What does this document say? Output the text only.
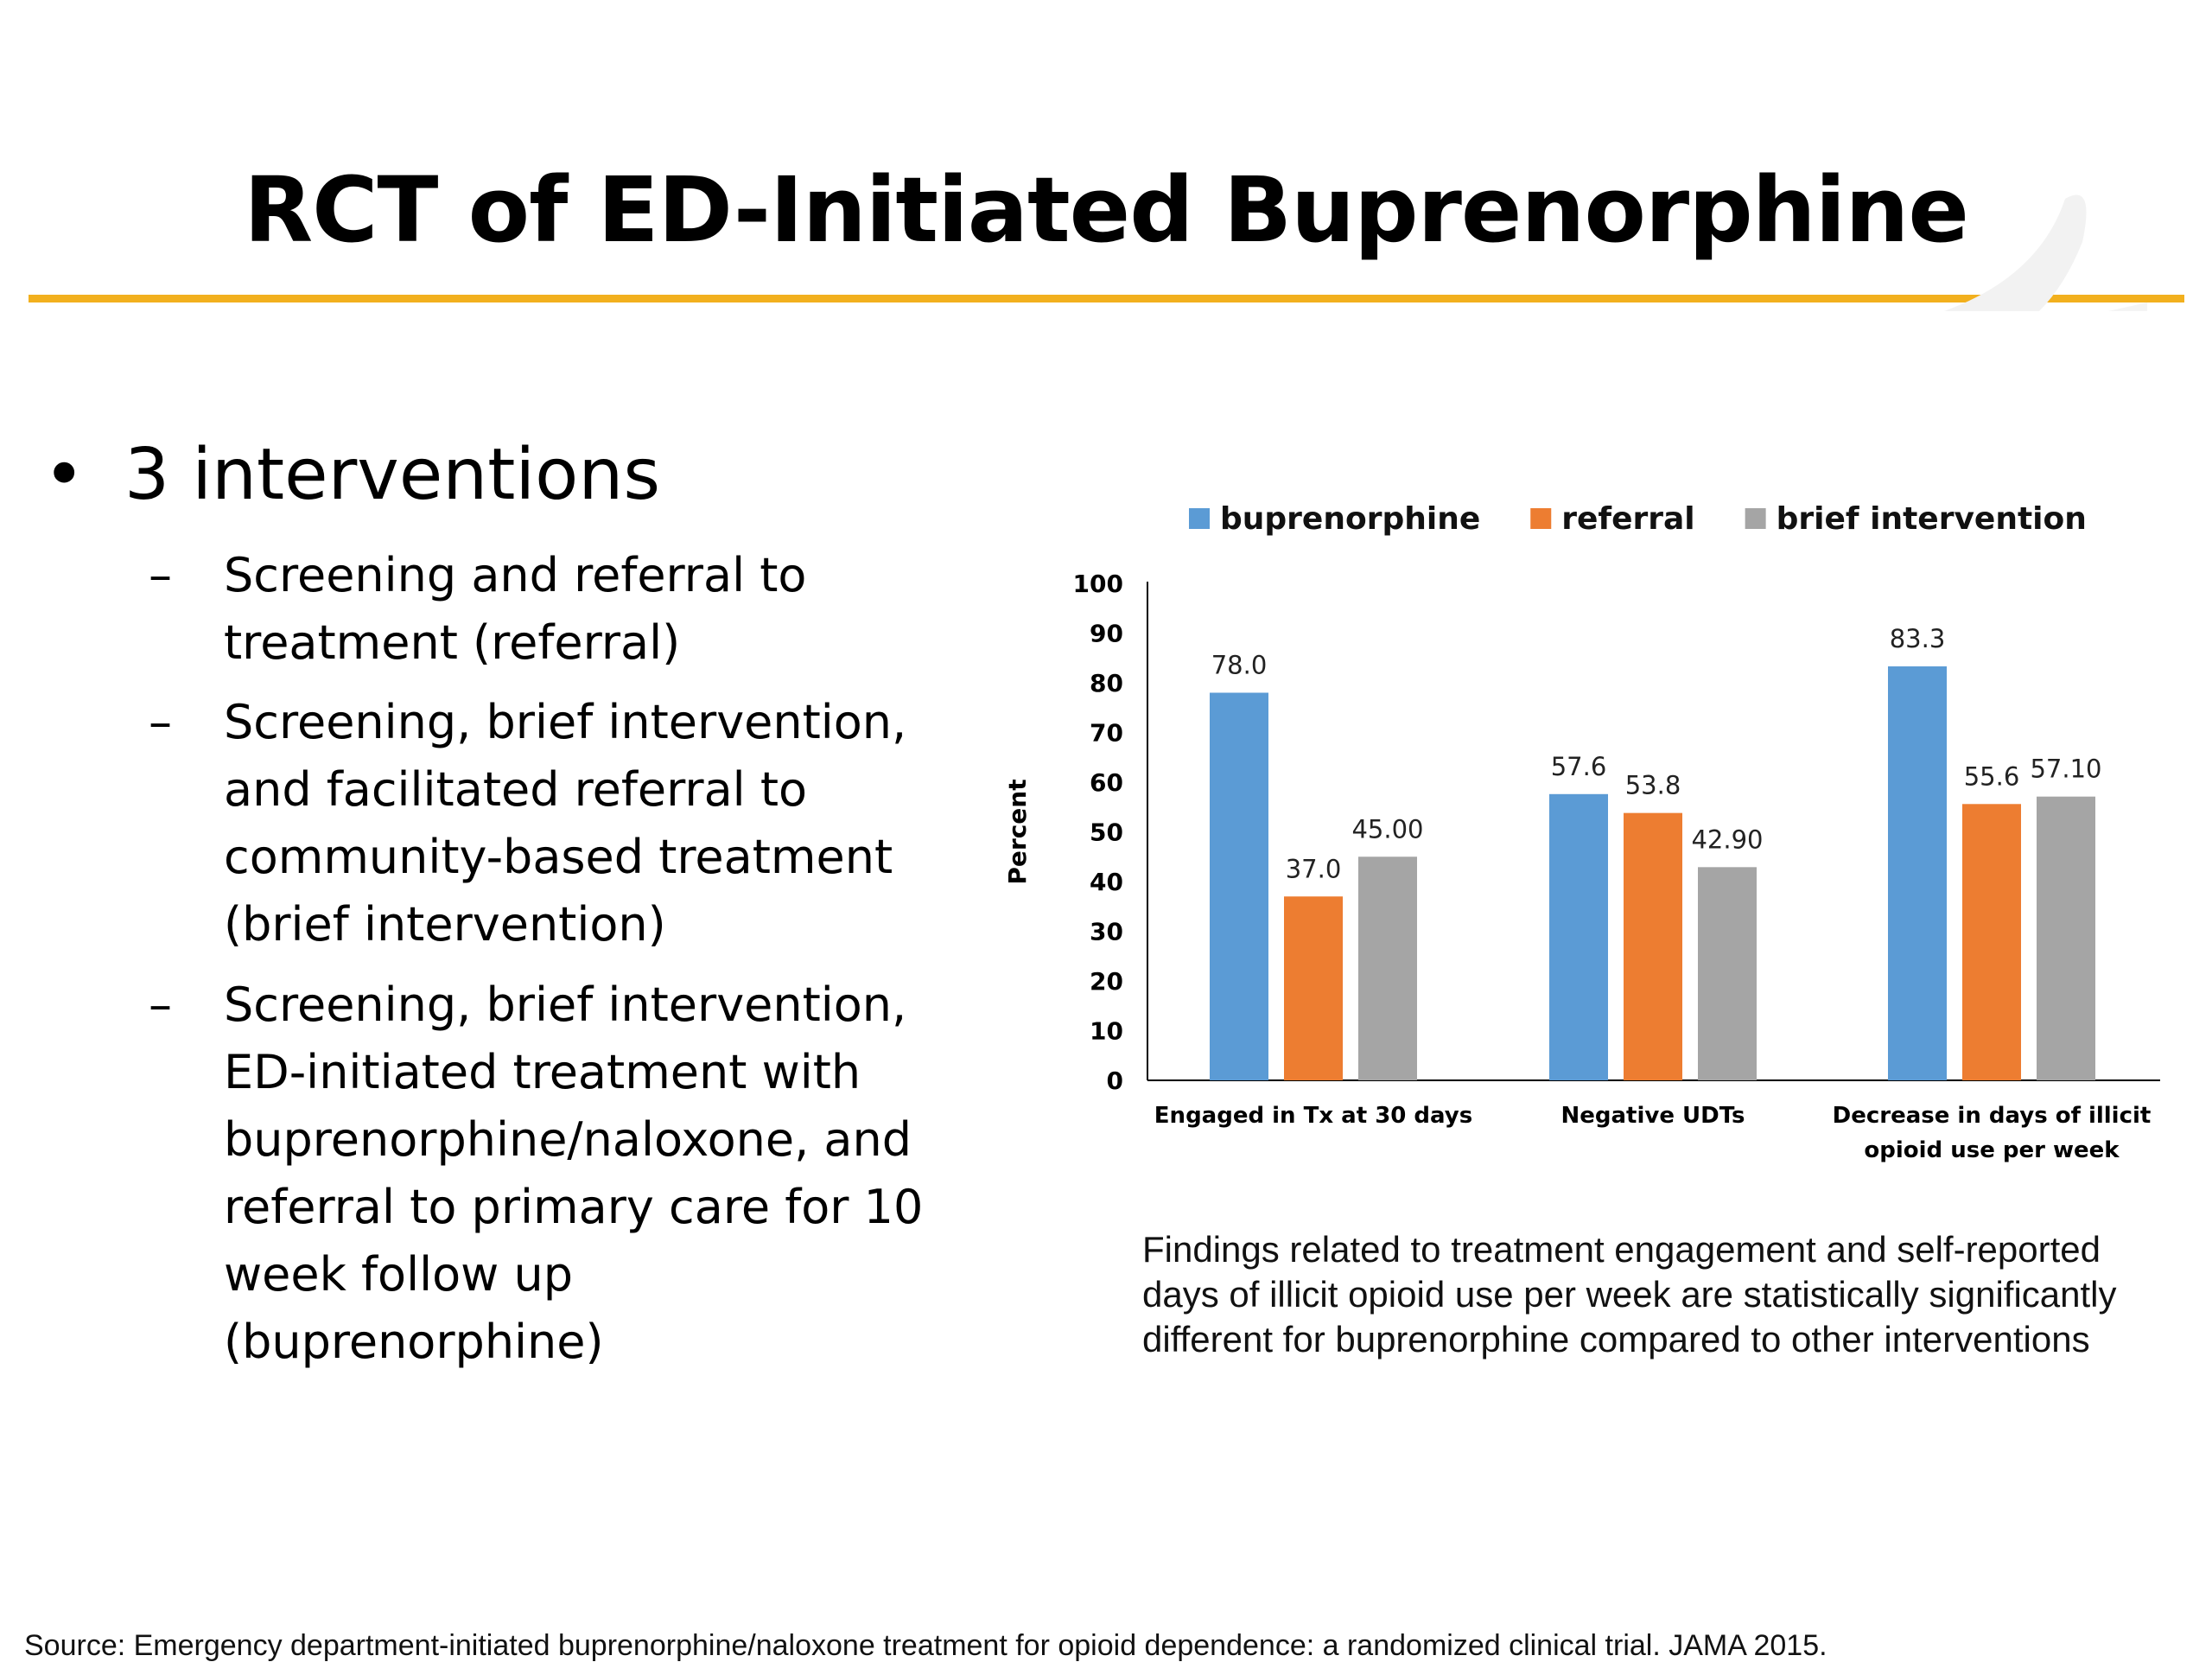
RCT of ED-Initiated Buprenorphine
• 3 interventions
– Screening and referral to
treatment (referral)
– Screening, brief intervention,
and facilitated referral to
community-based treatment
(brief intervention)
– Screening, brief intervention,
ED-initiated treatment with
buprenorphine/naloxone, and
referral to primary care for 10
week follow up
(buprenorphine)
0
10
20
30
40
50
60
70
80
90
100
Percent
78.0
57.6
83.3
37.0
53.8	55.6
45.00	42.90
57.10
Engaged in Tx at 30 days	Negative UDTs	Decrease in days of illicit
opioid use per week
buprenorphine	referral	brief intervention
Findings related to treatment engagement and self-reported
days of illicit opioid use per week are statistically significantly
different for buprenorphine compared to other interventions
Source: Emergency department-initiated buprenorphine/naloxone treatment for opioid dependence: a randomized clinical trial. JAMA 2015.
